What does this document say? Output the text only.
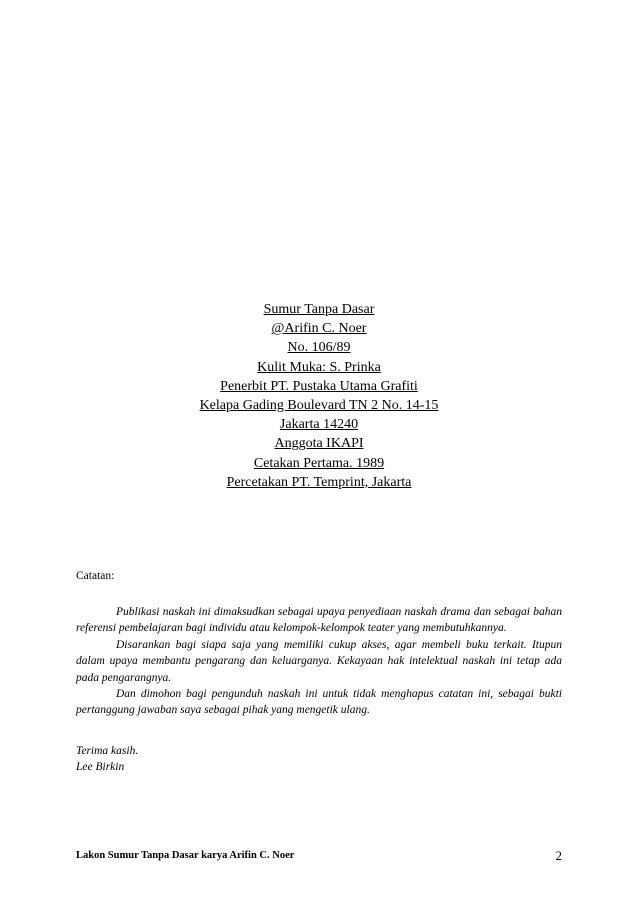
Sumur Tanpa Dasar
@Arifin C. Noer
No. 106/89
Kulit Muka: S. Prinka
Penerbit PT. Pustaka Utama Grafiti
Kelapa Gading Boulevard TN 2 No. 14-15
Jakarta 14240
Anggota IKAPI
Cetakan Pertama. 1989
Percetakan PT. Temprint, Jakarta
Catatan:

Publikasi naskah ini dimaksudkan sebagai upaya penyediaan naskah drama dan sebagai bahan referensi pembelajaran bagi individu atau kelompok-kelompok teater yang membutuhkannya.

Disarankan bagi siapa saja yang memiliki cukup akses, agar membeli buku terkait. Itupun dalam upaya membantu pengarang dan keluarganya. Kekayaan hak intelektual naskah ini tetap ada pada pengarangnya.

Dan dimohon bagi pengunduh naskah ini untuk tidak menghapus catatan ini, sebagai bukti pertanggung jawaban saya sebagai pihak yang mengetik ulang.

Terima kasih.
Lee Birkin
Lakon Sumur Tanpa Dasar karya Arifin C. Noer	2
